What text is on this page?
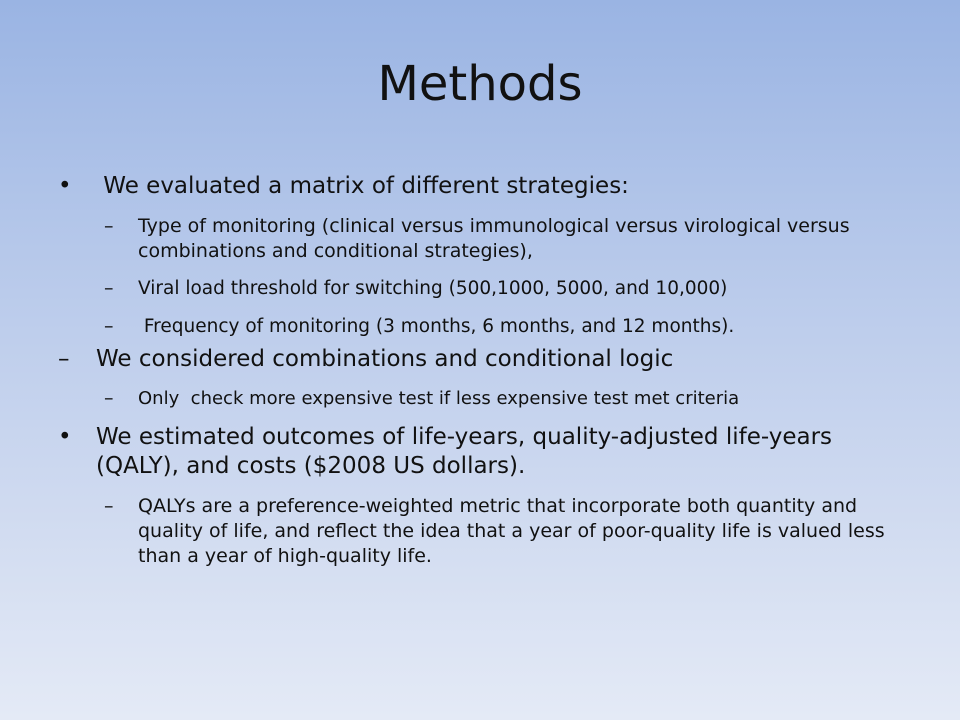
Methods
• We evaluated a matrix of different strategies:
– Type of monitoring (clinical versus immunological versus virological versus combinations and conditional strategies),
– Viral load threshold for switching (500,1000, 5000, and 10,000)
– Frequency of monitoring (3 months, 6 months, and 12 months).
– We considered combinations and conditional logic
– Only  check more expensive test if less expensive test met criteria
• We estimated outcomes of life-years, quality-adjusted life-years (QALY), and costs ($2008 US dollars).
– QALYs are a preference-weighted metric that incorporate both quantity and quality of life, and reflect the idea that a year of poor-quality life is valued less than a year of high-quality life.
